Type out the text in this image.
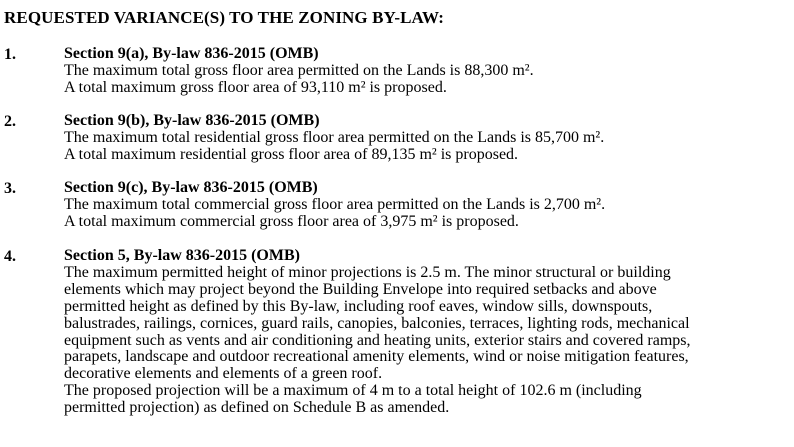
REQUESTED VARIANCE(S) TO THE ZONING BY-LAW:
1.	Section 9(a), By-law 836-2015 (OMB)
The maximum total gross floor area permitted on the Lands is 88,300 m².
A total maximum gross floor area of 93,110 m² is proposed.
2.	Section 9(b), By-law 836-2015 (OMB)
The maximum total residential gross floor area permitted on the Lands is 85,700 m².
A total maximum residential gross floor area of 89,135 m² is proposed.
3.	Section 9(c), By-law 836-2015 (OMB)
The maximum total commercial gross floor area permitted on the Lands is 2,700 m².
A total maximum commercial gross floor area of 3,975 m² is proposed.
4.	Section 5, By-law 836-2015 (OMB)
The maximum permitted height of minor projections is 2.5 m. The minor structural or building
elements which may project beyond the Building Envelope into required setbacks and above
permitted height as defined by this By-law, including roof eaves, window sills, downspouts,
balustrades, railings, cornices, guard rails, canopies, balconies, terraces, lighting rods, mechanical
equipment such as vents and air conditioning and heating units, exterior stairs and covered ramps,
parapets, landscape and outdoor recreational amenity elements, wind or noise mitigation features,
decorative elements and elements of a green roof.
The proposed projection will be a maximum of 4 m to a total height of 102.6 m (including
permitted projection) as defined on Schedule B as amended.
